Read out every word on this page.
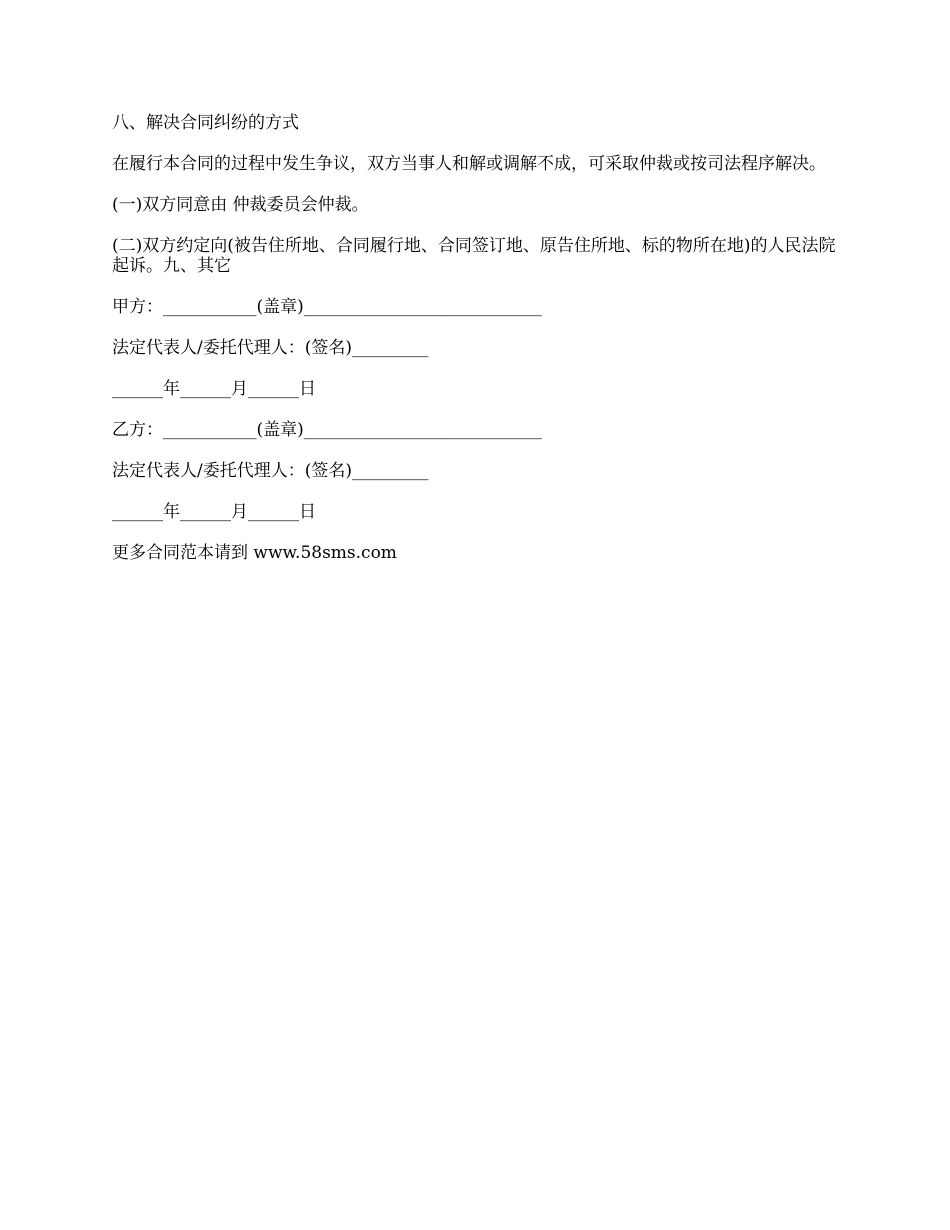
八、解决合同纠纷的方式

在履行本合同的过程中发生争议，双方当事人和解或调解不成，可采取仲裁或按司法程序解决。

(一)双方同意由 仲裁委员会仲裁。

(二)双方约定向(被告住所地、合同履行地、合同签订地、原告住所地、标的物所在地)的人民法院起诉。九、其它

甲方：___________(盖章)____________________________

法定代表人/委托代理人：(签名)_________

______年______月______日

乙方：___________(盖章)____________________________

法定代表人/委托代理人：(签名)_________

______年______月______日

更多合同范本请到 www.58sms.com
